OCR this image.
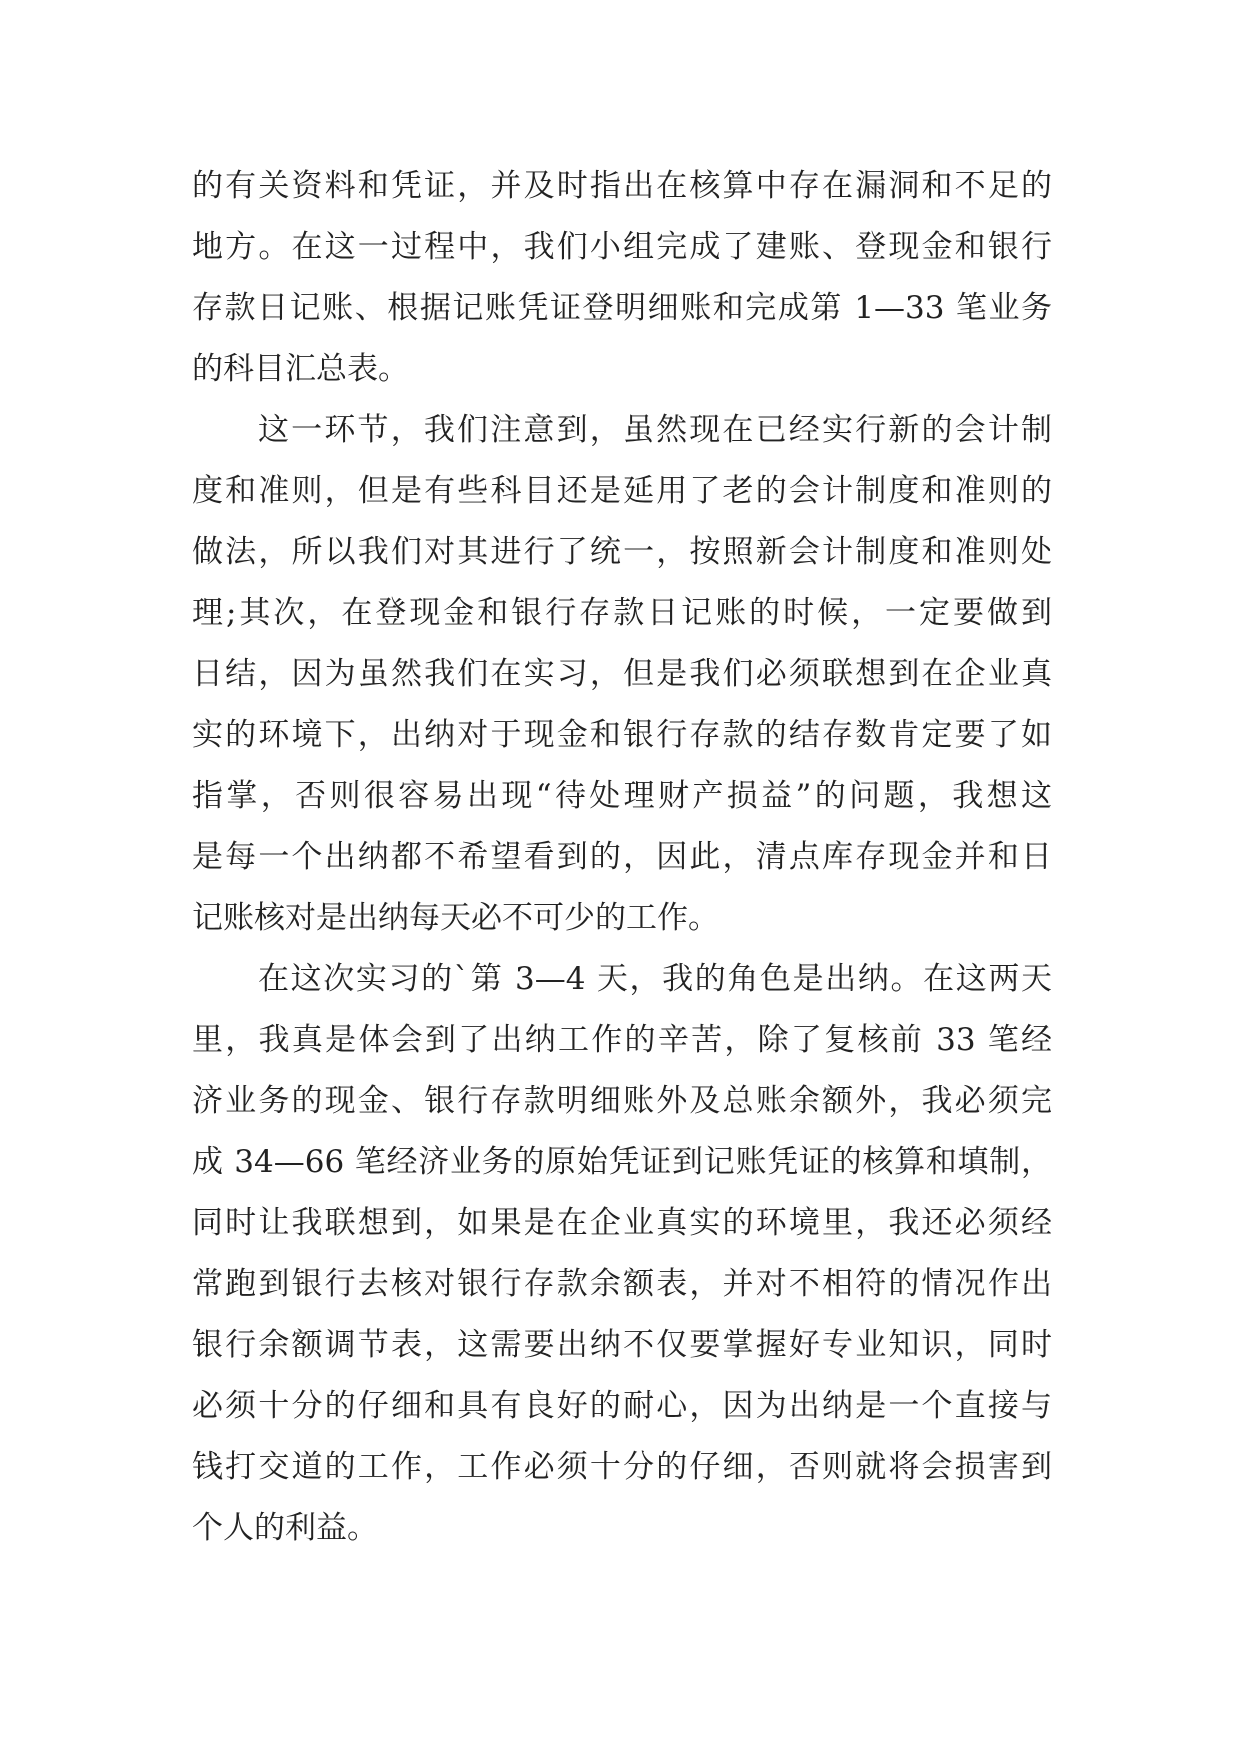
的有关资料和凭证，并及时指出在核算中存在漏洞和不足的
地方。在这一过程中，我们小组完成了建账、登现金和银行
存款日记账、根据记账凭证登明细账和完成第 1—33 笔业务
的科目汇总表。
这一环节，我们注意到，虽然现在已经实行新的会计制
度和准则，但是有些科目还是延用了老的会计制度和准则的
做法，所以我们对其进行了统一，按照新会计制度和准则处
理;其次，在登现金和银行存款日记账的时候，一定要做到
日结，因为虽然我们在实习，但是我们必须联想到在企业真
实的环境下，出纳对于现金和银行存款的结存数肯定要了如
指掌，否则很容易出现“待处理财产损益”的问题，我想这
是每一个出纳都不希望看到的，因此，清点库存现金并和日
记账核对是出纳每天必不可少的工作。
在这次实习的`第 3—4 天，我的角色是出纳。在这两天
里，我真是体会到了出纳工作的辛苦，除了复核前 33 笔经
济业务的现金、银行存款明细账外及总账余额外，我必须完
成 34—66 笔经济业务的原始凭证到记账凭证的核算和填制，
同时让我联想到，如果是在企业真实的环境里，我还必须经
常跑到银行去核对银行存款余额表，并对不相符的情况作出
银行余额调节表，这需要出纳不仅要掌握好专业知识，同时
必须十分的仔细和具有良好的耐心，因为出纳是一个直接与
钱打交道的工作，工作必须十分的仔细，否则就将会损害到
个人的利益。
